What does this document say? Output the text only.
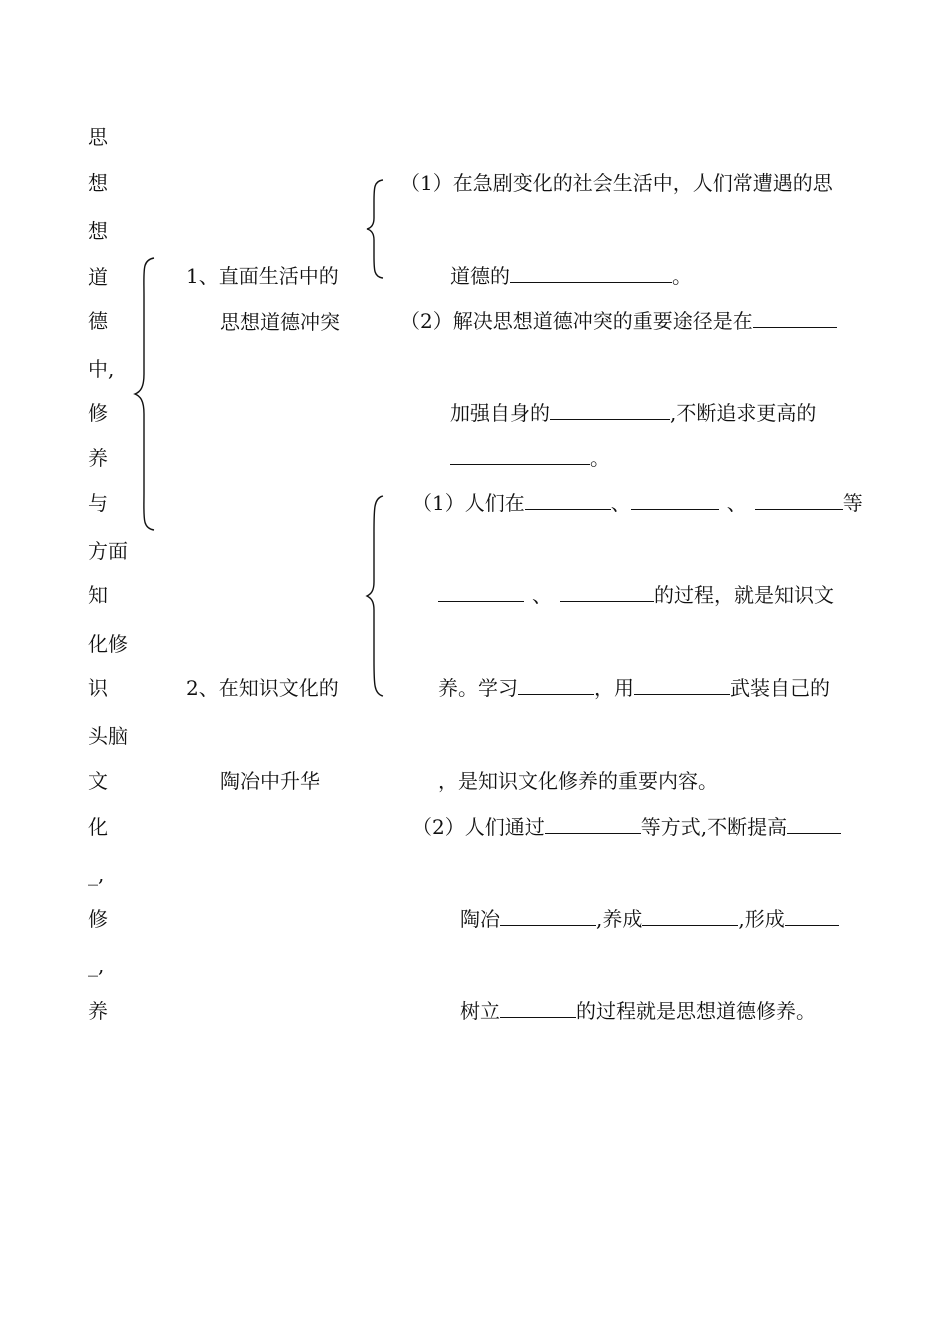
思
想
想
道
德
中,
修
养
与
方面
知
化修
识
头脑
文
化
_,
修
_,
养
1、直面生活中的
思想道德冲突
2、在知识文化的
陶冶中升华
（1）在急剧变化的社会生活中，人们常遭遇的思
道德的	。
（2）解决思想道德冲突的重要途径是在
加强自身的	,不断追求更高的
。
（1）人们在	、	、	等
、	的过程，就是知识文
养。学习	，用	武装自己的
，是知识文化修养的重要内容。
（2）人们通过	等方式,不断提高
陶冶	,养成	,形成
树立	的过程就是思想道德修养。
